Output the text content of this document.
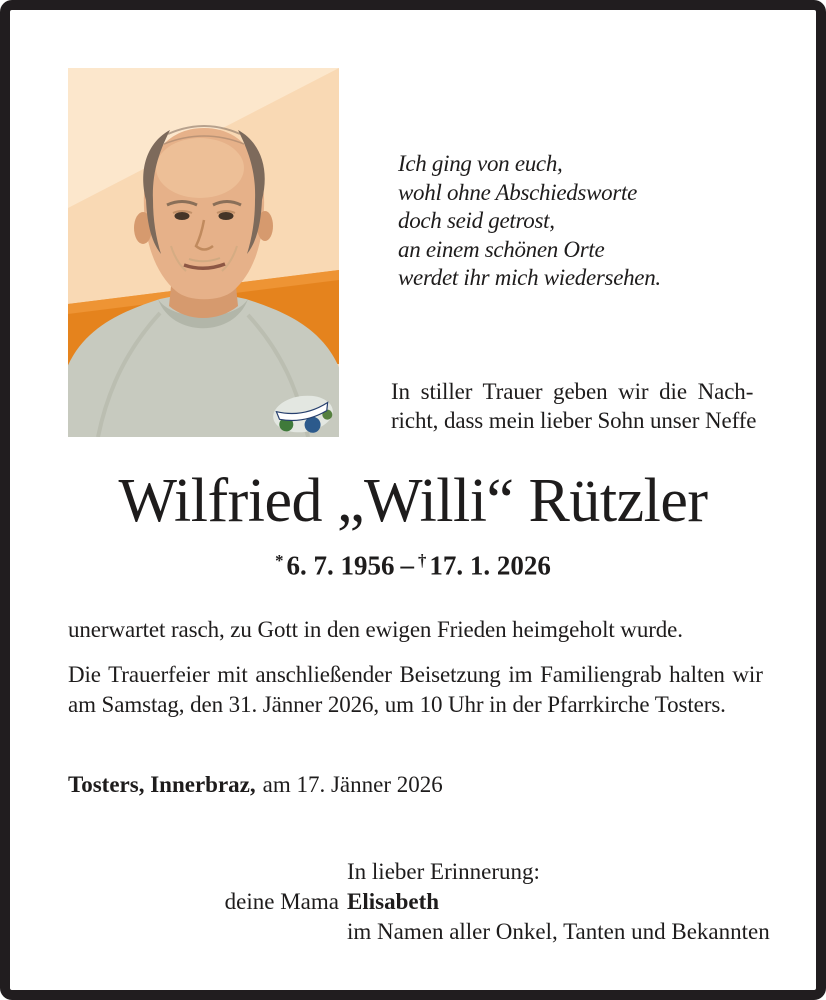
Ich ging von euch,
wohl ohne Abschiedsworte
doch seid getrost,
an einem schönen Orte
werdet ihr mich wiedersehen.
In stiller Trauer geben wir die Nach-
richt, dass mein lieber Sohn unser Neffe
Wilfried „Willi“ Rützler
* 6. 7. 1956 – † 17. 1. 2026

unerwartet rasch, zu Gott in den ewigen Frieden heimgeholt wurde.

Die Trauerfeier mit anschließender Beisetzung im Familiengrab halten wir
am Samstag, den 31. Jänner 2026, um 10 Uhr in der Pfarrkirche Tosters.
Tosters, Innerbraz, am 17. Jänner 2026
In lieber Erinnerung:
deine Mama Elisabeth
im Namen aller Onkel, Tanten und Bekannten
